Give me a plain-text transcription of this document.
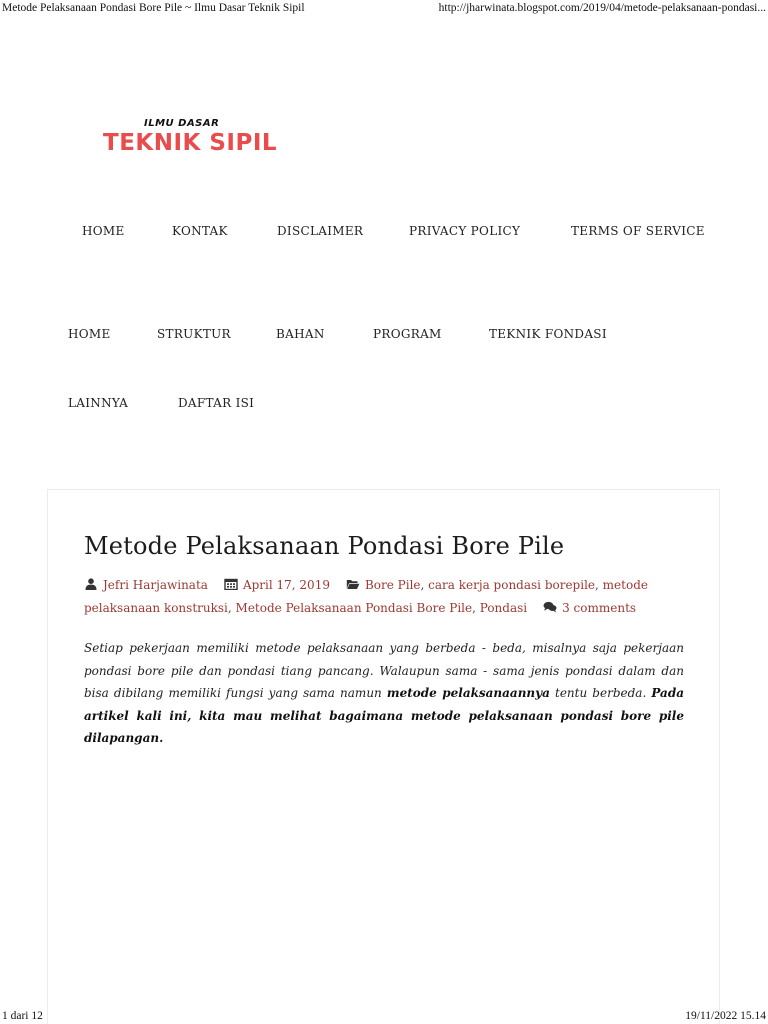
Metode Pelaksanaan Pondasi Bore Pile ~ Ilmu Dasar Teknik Sipil	http://jharwinata.blogspot.com/2019/04/metode-pelaksanaan-pondasi...
ILMU DASAR
TEKNIK SIPIL
HOME	KONTAK	DISCLAIMER	PRIVACY POLICY	TERMS OF SERVICE
HOME	STRUKTUR	BAHAN	PROGRAM	TEKNIK FONDASI
LAINNYA	DAFTAR ISI
Metode Pelaksanaan Pondasi Bore Pile
Jefri Harjawinata	April 17, 2019	Bore Pile, cara kerja pondasi borepile, metode pelaksanaan konstruksi, Metode Pelaksanaan Pondasi Bore Pile, Pondasi	3 comments

Setiap pekerjaan memiliki metode pelaksanaan yang berbeda - beda, misalnya saja pekerjaan pondasi bore pile dan pondasi tiang pancang. Walaupun sama - sama jenis pondasi dalam dan bisa dibilang memiliki fungsi yang sama namun metode pelaksanaannya tentu berbeda. Pada artikel kali ini, kita mau melihat bagaimana metode pelaksanaan pondasi bore pile dilapangan.

1 dari 12	19/11/2022 15.14
